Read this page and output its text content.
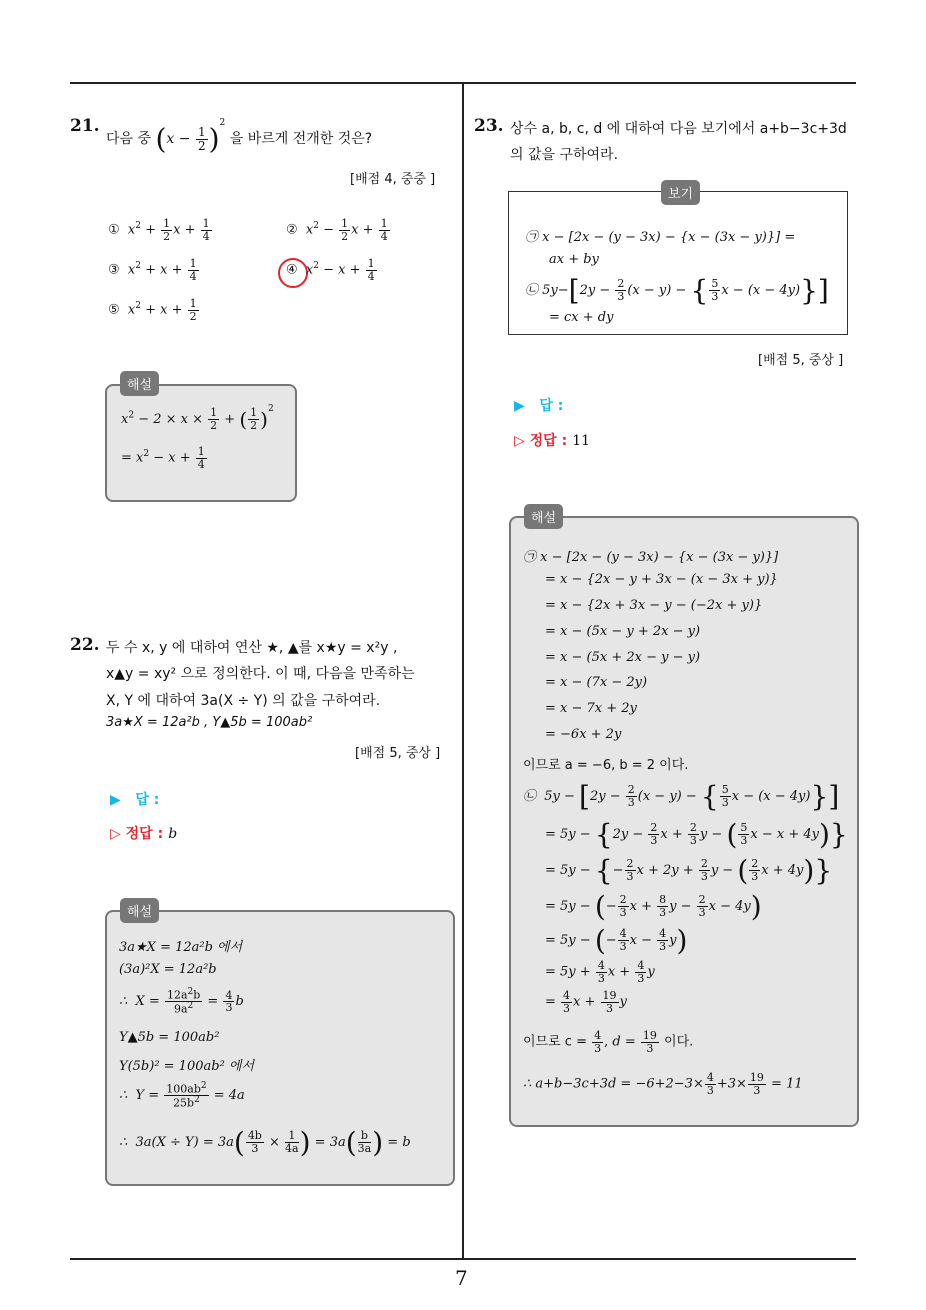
7
21.
다음 중 $(x - \frac{1}{2} )^2$ 을 바르게 전개한 것은?
[배점 4, 중중 ]
①  $x^2 + \frac{1}{2}$ $x + \frac{1}{4}$	②  $x^2 - \frac{1}{2}$ $x + \frac{1}{4}$
③  $x^2 + x + \frac{1}{4}$	④  $x^2 - x + \frac{1}{4}$
⑤  $x^2 + x + \frac{1}{2}$
$x^2 - 2 \times x \times \frac{1}{2}$ + ( $\frac{1}{2} )^2$
= $x^2 - x + \frac{1}{4}$
해설
22. 두 수 x, y 에 대하여 연산 ★, ▲를 x★y = x²y ,
x▲y = xy² 으로 정의한다. 이 때, 다음을 만족하는
X, Y 에 대하여 3a(X ÷ Y) 의 값을 구하여라.
3a★X = 12a²b , Y▲5b = 100ab²
[배점 5, 중상 ]
▶   답 :
▷ 정답 : b
3a★X = 12a²b 에서
(3a)²X = 12a²b
∴  $X = \frac{12a^2b}{9a^2} = \frac{4}{3}$ b
Y▲5b = 100ab²
Y(5b)² = 100ab² 에서
∴  $Y = \frac{100ab^2}{25b^2} = 4a$
∴  $3a(X \div Y) = 3a( \frac{4b}{3} \times \frac{1}{4a}$ ) = $3a( \frac{b}{3a}$ ) = b
해설
23. 상수 a, b, c, d 에 대하여 다음 보기에서 a+b−3c+3d
의 값을 구하여라.
㉠ x − [2x − (y − 3x) − {x − (3x − y)}] =
ax + by
㉡ $5y-[2y - \frac{2}{3} (x - y)$ − { $\frac{5}{3}$ x − (x − 4y)}]
= cx + dy
보기
[배점 5, 중상 ]
▶   답 :
▷ 정답 : 11
㉠ x − [2x − (y − 3x) − {x − (3x − y)}]
= x − {2x − y + 3x − (x − 3x + y)}
= x − {2x + 3x − y − (−2x + y)}
= x − (5x − y + 2x − y)
= x − (5x + 2x − y − y)
= x − (7x − 2y)
= x − 7x + 2y
= −6x + 2y
이므로 a = −6, b = 2 이다.
㉡  $5y - [2y - \frac{2}{3} (x - y)$ − { $\frac{5}{3}$ x − (x − 4y)}]
= $5y - \{2y - \frac{2}{3}$ $x + \frac{2}{3}$ y − ( $\frac{5}{3}$ x − x + 4y)}
= 5y − {− $\frac{2}{3}$ $x + 2y + \frac{2}{3}$ y − ( $\frac{2}{3}$ x + 4y)}
= 5y − (− $\frac{2}{3}$ $x + \frac{8}{3}$ $y - \frac{2}{3}$ x − 4y)
= 5y − (− $\frac{4}{3}$ $x - \frac{4}{3} y$)
= $5y + \frac{4}{3}$ $x + \frac{4}{3}$ y
= $\frac{4}{3}$ $x + \frac{19}{3}$ y
이므로 $c = \frac{4}{3}$ , $d = \frac{19}{3}$ 이다.
∴ $a+b-3c+3d = -6+2-3\times \frac{4}{3} +3\times \frac{19}{3} = 11$
해설
